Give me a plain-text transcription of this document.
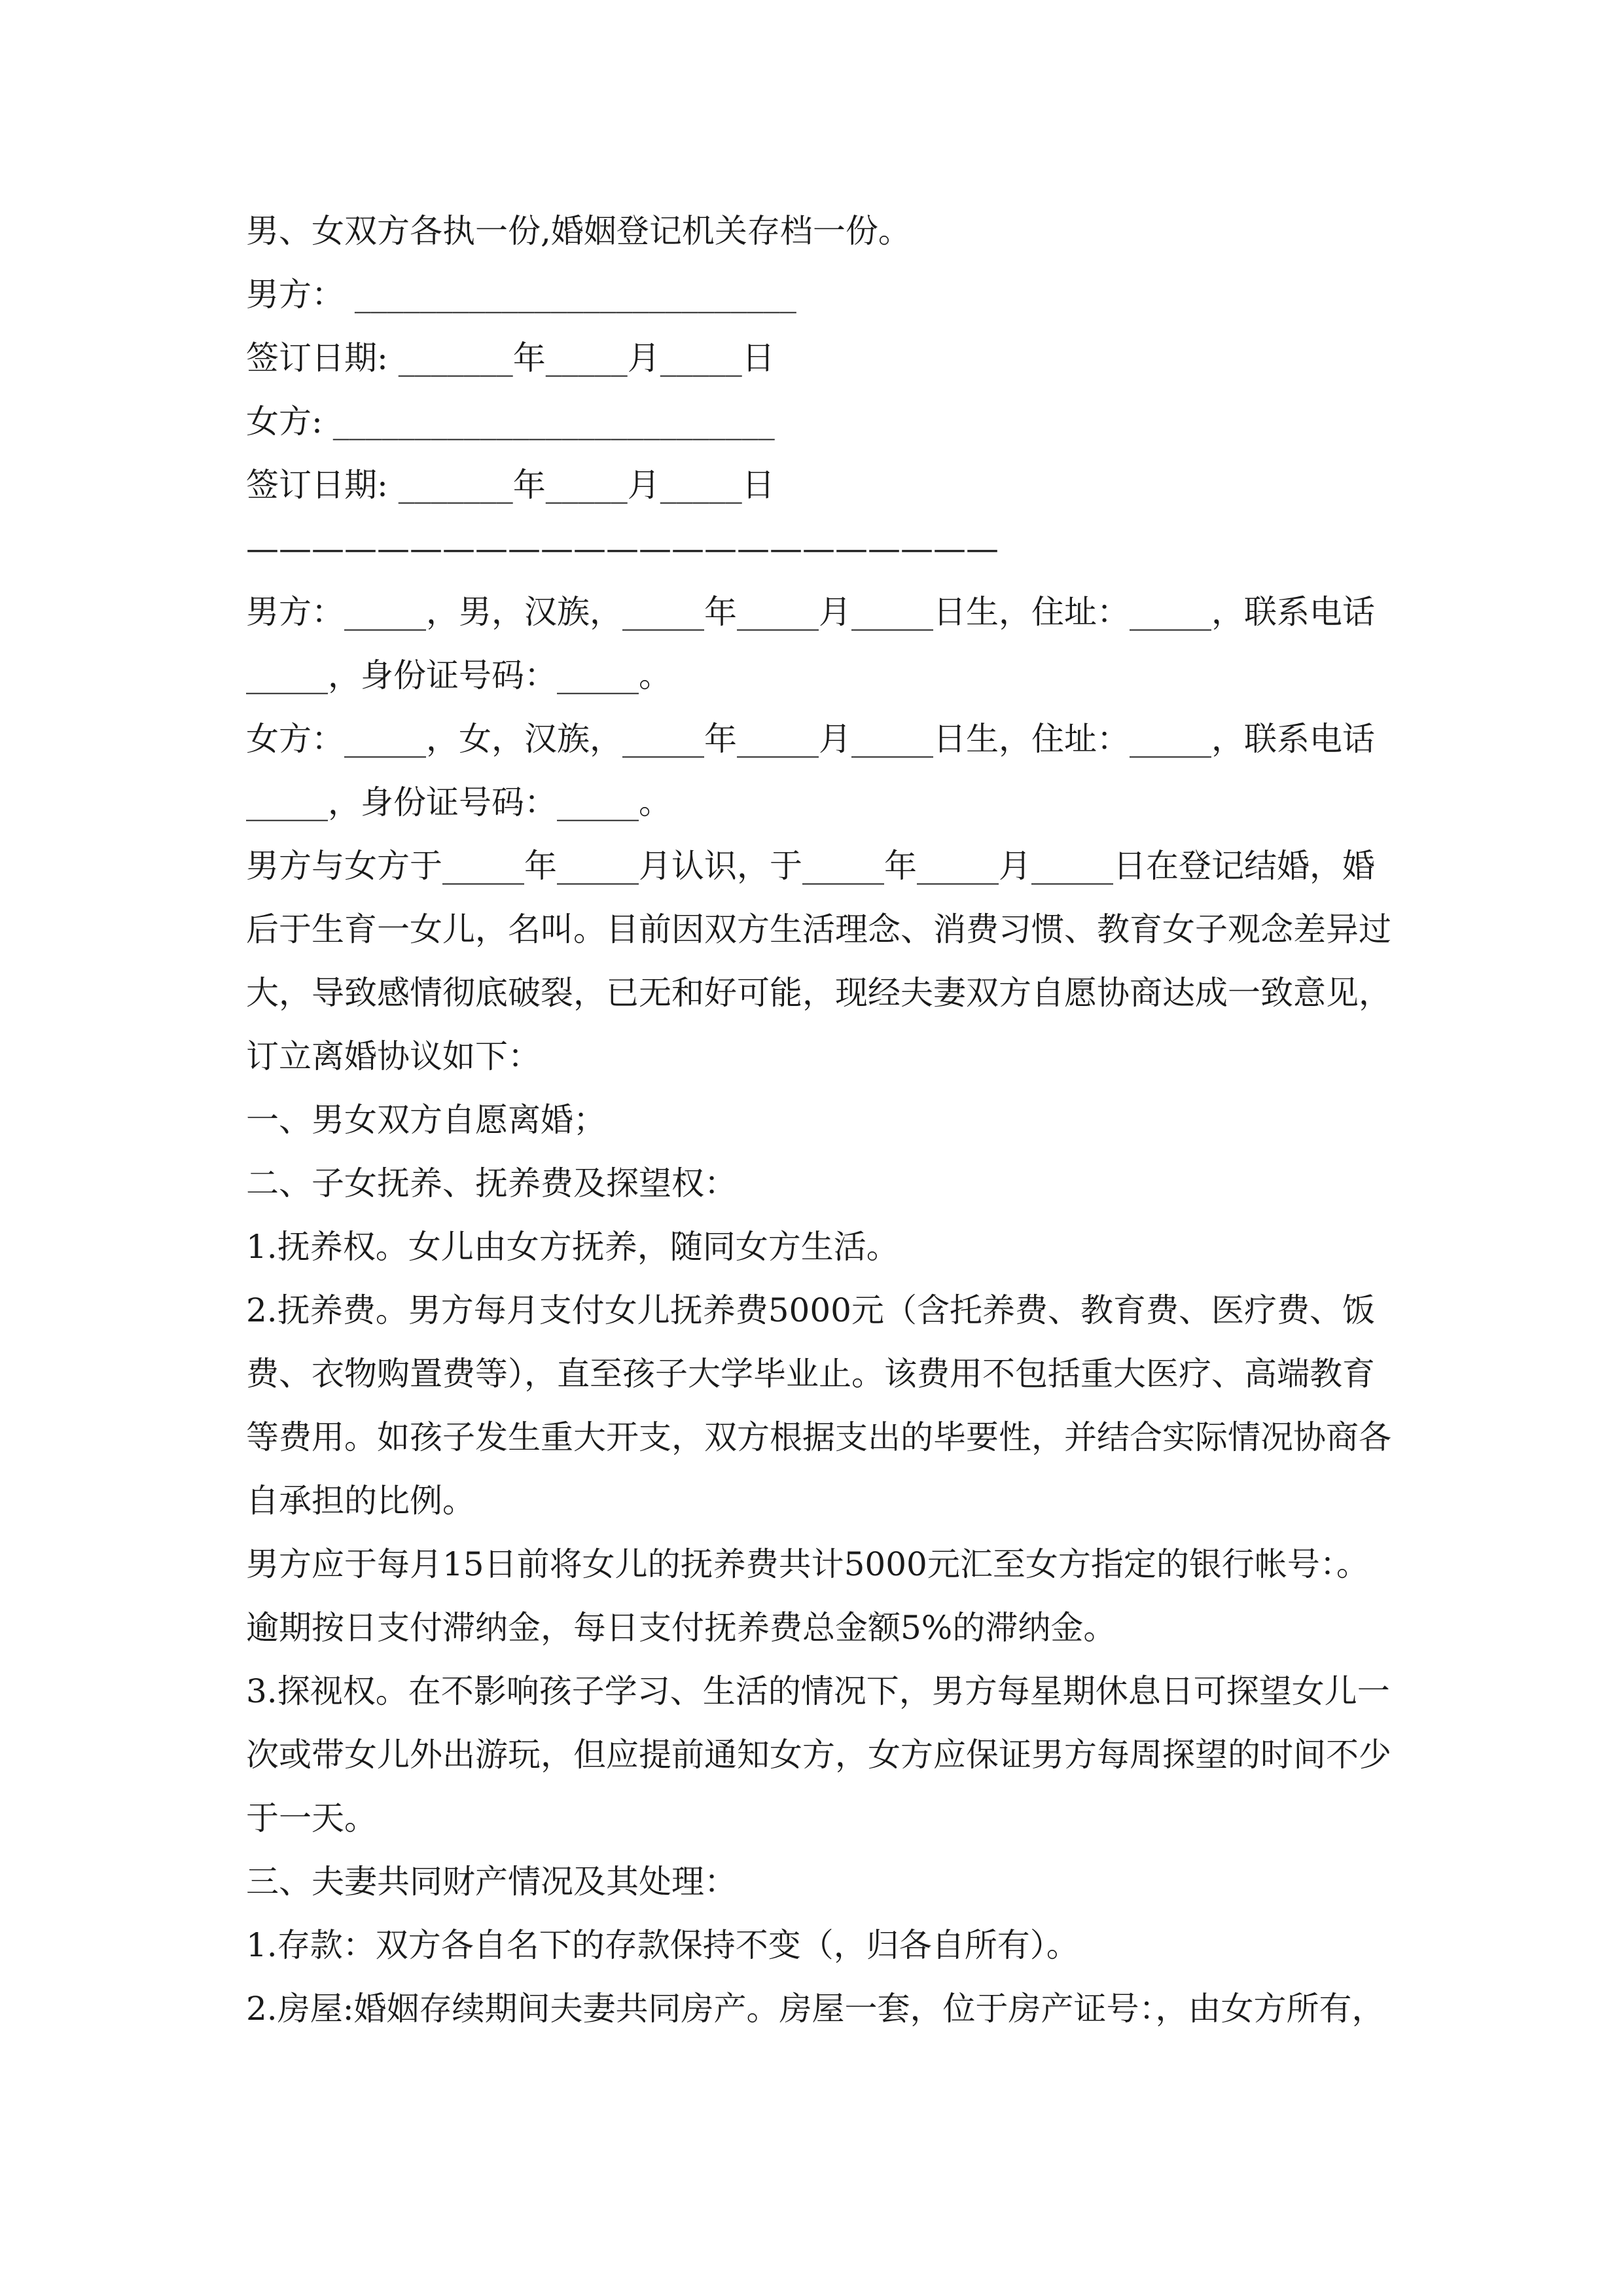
男、女双方各执一份,婚姻登记机关存档一份。
男方： ___________________________
签订日期: _______年_____月_____日
女方: ___________________________
签订日期: _______年_____月_____日
———————————————————————
男方：_____，男，汉族，_____年_____月_____日生，住址：_____，联系电话
_____，身份证号码：_____。
女方：_____，女，汉族，_____年_____月_____日生，住址：_____，联系电话
_____，身份证号码：_____。
男方与女方于_____年_____月认识，于_____年_____月_____日在登记结婚，婚
后于生育一女儿，名叫。目前因双方生活理念、消费习惯、教育女子观念差异过
大，导致感情彻底破裂，已无和好可能，现经夫妻双方自愿协商达成一致意见，
订立离婚协议如下：
一、男女双方自愿离婚；
二、子女抚养、抚养费及探望权：
1.抚养权。女儿由女方抚养，随同女方生活。
2.抚养费。男方每月支付女儿抚养费5000元（含托养费、教育费、医疗费、饭
费、衣物购置费等），直至孩子大学毕业止。该费用不包括重大医疗、高端教育
等费用。如孩子发生重大开支，双方根据支出的毕要性，并结合实际情况协商各
自承担的比例。
男方应于每月15日前将女儿的抚养费共计5000元汇至女方指定的银行帐号：。
逾期按日支付滞纳金，每日支付抚养费总金额5%的滞纳金。
3.探视权。在不影响孩子学习、生活的情况下，男方每星期休息日可探望女儿一
次或带女儿外出游玩，但应提前通知女方，女方应保证男方每周探望的时间不少
于一天。
三、夫妻共同财产情况及其处理：
1.存款：双方各自名下的存款保持不变（，归各自所有）。
2.房屋:婚姻存续期间夫妻共同房产。房屋一套，位于房产证号：，由女方所有，
